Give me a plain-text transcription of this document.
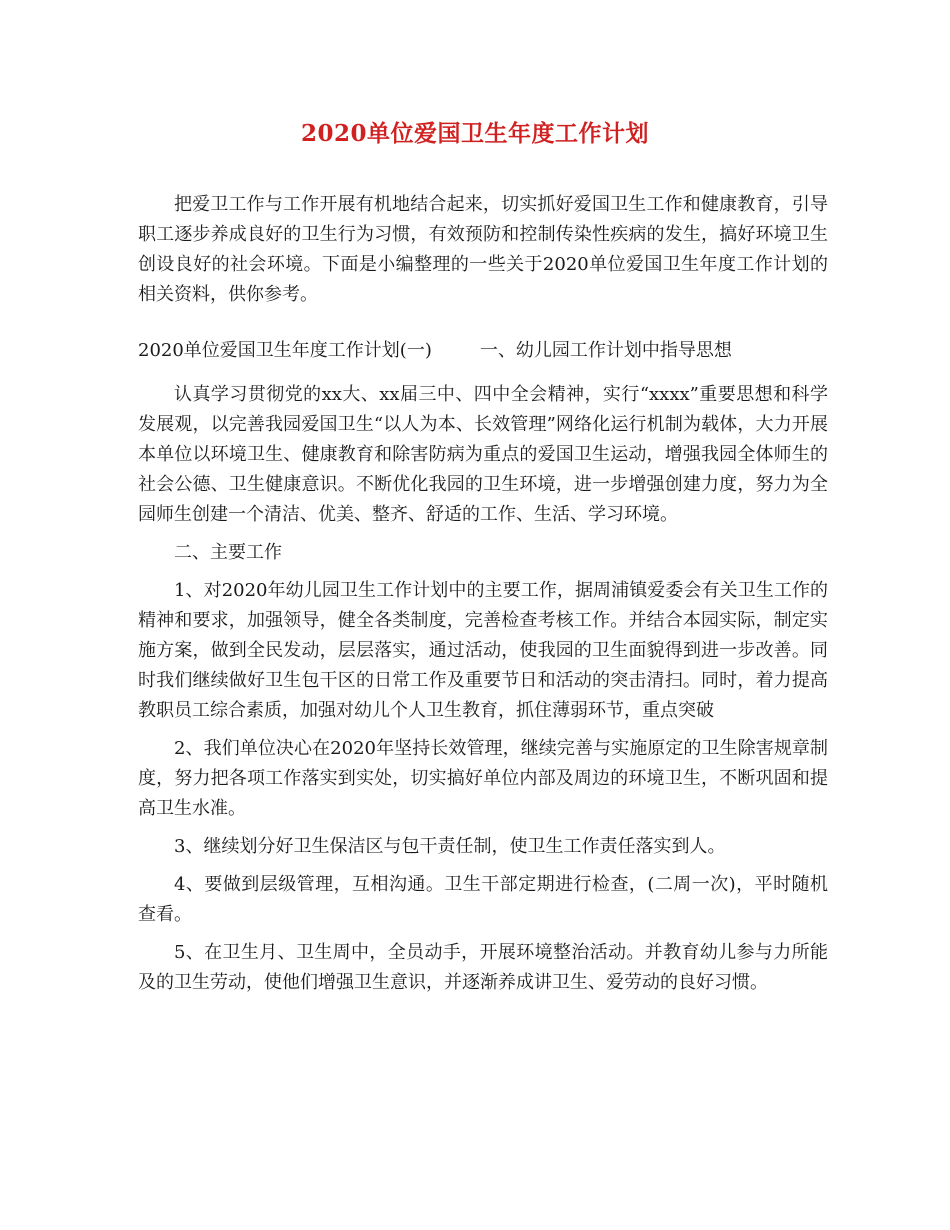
2020单位爱国卫生年度工作计划

把爱卫工作与工作开展有机地结合起来，切实抓好爱国卫生工作和健康教育，引导职工逐步养成良好的卫生行为习惯，有效预防和控制传染性疾病的发生，搞好环境卫生创设良好的社会环境。下面是小编整理的一些关于2020单位爱国卫生年度工作计划的相关资料，供你参考。

2020单位爱国卫生年度工作计划(一)	一、幼儿园工作计划中指导思想

认真学习贯彻党的xx大、xx届三中、四中全会精神，实行“xxxx”重要思想和科学发展观，以完善我园爱国卫生“以人为本、长效管理”网络化运行机制为载体，大力开展本单位以环境卫生、健康教育和除害防病为重点的爱国卫生运动，增强我园全体师生的社会公德、卫生健康意识。不断优化我园的卫生环境，进一步增强创建力度，努力为全园师生创建一个清洁、优美、整齐、舒适的工作、生活、学习环境。

二、主要工作

1、对2020年幼儿园卫生工作计划中的主要工作，据周浦镇爱委会有关卫生工作的精神和要求，加强领导，健全各类制度，完善检查考核工作。并结合本园实际，制定实施方案，做到全民发动，层层落实，通过活动，使我园的卫生面貌得到进一步改善。同时我们继续做好卫生包干区的日常工作及重要节日和活动的突击清扫。同时，着力提高教职员工综合素质，加强对幼儿个人卫生教育，抓住薄弱环节，重点突破

2、我们单位决心在2020年坚持长效管理，继续完善与实施原定的卫生除害规章制度，努力把各项工作落实到实处，切实搞好单位内部及周边的环境卫生，不断巩固和提高卫生水准。

3、继续划分好卫生保洁区与包干责任制，使卫生工作责任落实到人。

4、要做到层级管理，互相沟通。卫生干部定期进行检查，(二周一次)，平时随机查看。

5、在卫生月、卫生周中，全员动手，开展环境整治活动。并教育幼儿参与力所能及的卫生劳动，使他们增强卫生意识，并逐渐养成讲卫生、爱劳动的良好习惯。
